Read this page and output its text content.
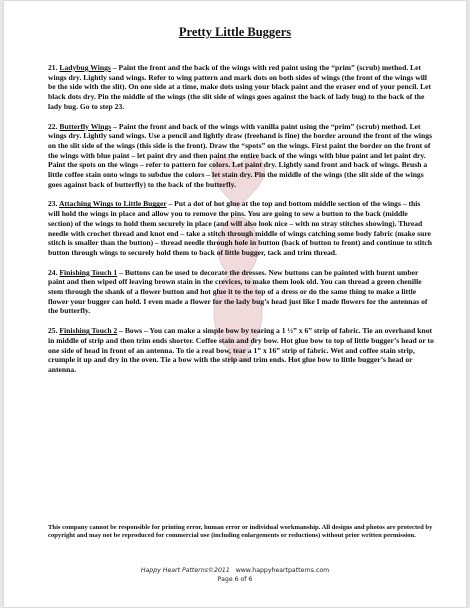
Pretty Little Buggers

21. Ladybug Wings – Paint the front and the back of the wings with red paint using the “prim” (scrub) method. Let wings dry. Lightly sand wings. Refer to wing pattern and mark dots on both sides of wings (the front of the wings will be the side with the slit). On one side at a time, make dots using your black paint and the eraser end of your pencil. Let black dots dry. Pin the middle of the wings (the slit side of wings goes against the back of lady bug) to the back of the lady bug. Go to step 23.

22. Butterfly Wings – Paint the front and back of the wings with vanilla paint using the “prim” (scrub) method. Let wings dry. Lightly sand wings. Use a pencil and lightly draw (freehand is fine) the border around the front of the wings on the slit side of the wings (this side is the front). Draw the “spots” on the wings. First paint the border on the front of the wings with blue paint – let paint dry and then paint the entire back of the wings with blue paint and let paint dry. Paint the spots on the wings – refer to pattern for colors. Let paint dry. Lightly sand front and back of wings. Brush a little coffee stain onto wings to subdue the colors – let stain dry. Pin the middle of the wings (the slit side of the wings goes against back of butterfly) to the back of the butterfly.

23. Attaching Wings to Little Bugger – Put a dot of hot glue at the top and bottom middle section of the wings – this will hold the wings in place and allow you to remove the pins. You are going to sew a button to the back (middle section) of the wings to hold them securely in place (and will also look nice – with no stray stitches showing). Thread needle with crochet thread and knot end – take a stitch through middle of wings catching some body fabric (make sure stitch is smaller than the button) – thread needle through hole in button (back of button to front) and continue to stitch button through wings to securely hold them to back of little bugger, tack and trim thread.

24. Finishing Touch 1 – Buttons can be used to decorate the dresses. New buttons can be painted with burnt umber paint and then wiped off leaving brown stain in the crevices, to make them look old. You can thread a green chenille stem through the shank of a flower button and hot glue it to the top of a dress or do the same thing to make a little flower your bugger can hold. I even made a flower for the lady bug’s head just like I made flowers for the antennas of the butterfly.

25. Finishing Touch 2 – Bows – You can make a simple bow by tearing a 1 ½” x 6” strip of fabric. Tie an overhand knot in middle of strip and then trim ends shorter. Coffee stain and dry bow. Hot glue bow to top of little bugger’s head or to one side of head in front of an antenna. To tie a real bow, tear a 1” x 16” strip of fabric. Wet and coffee stain strip, crumple it up and dry in the oven. Tie a bow with the strip and trim ends. Hot glue bow to little bugger’s head or antenna.

This company cannot be responsible for printing error, human error or individual workmanship. All designs and photos are protected by copyright and may not be reproduced for commercial use (including enlargements or reductions) without prior written permission.
Happy Heart Patterns©2011 www.happyheartpatterns.com
Page 6 of 6
